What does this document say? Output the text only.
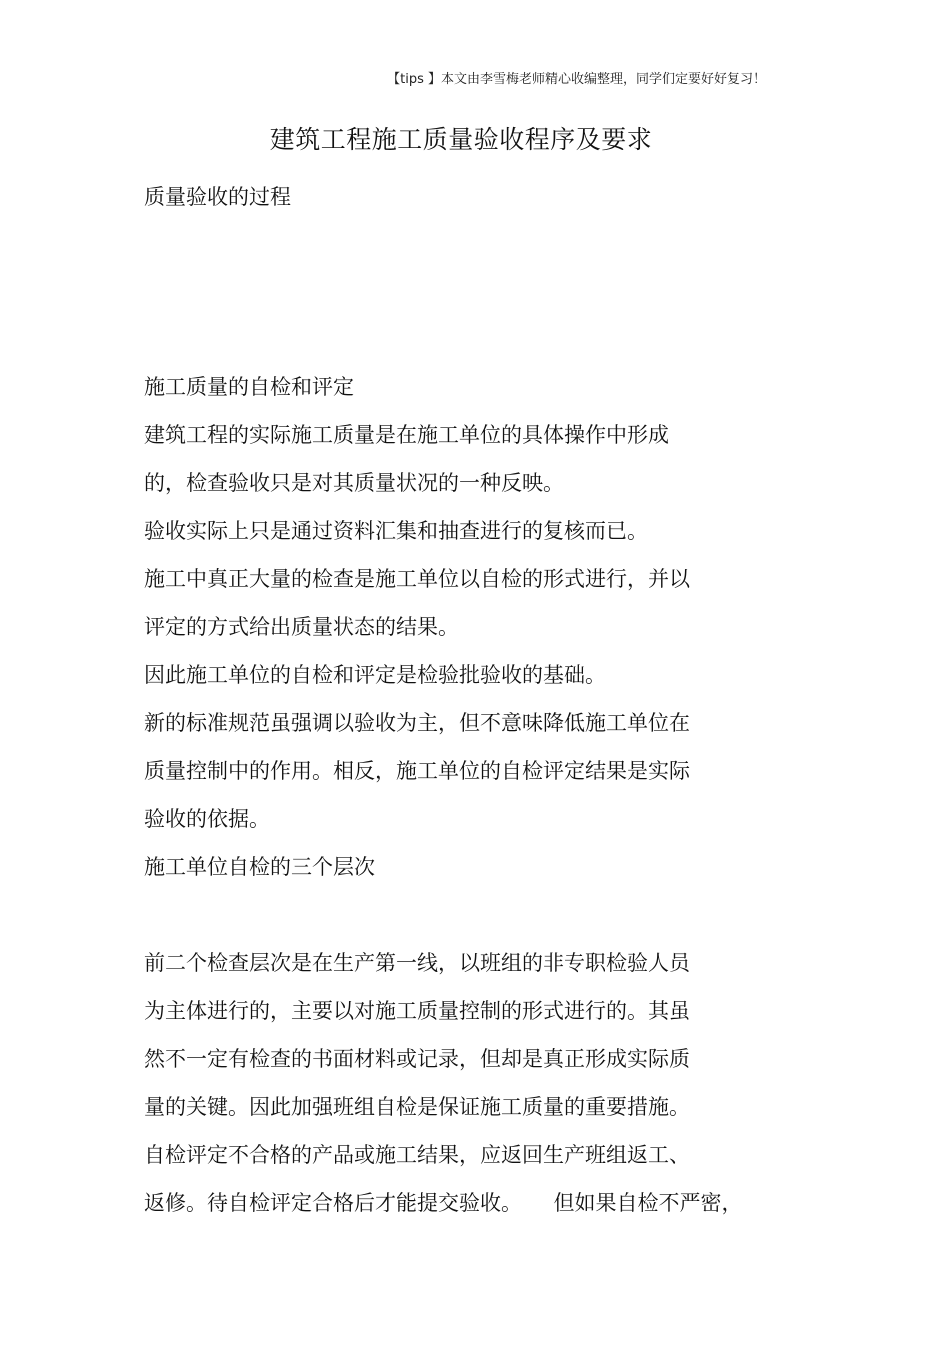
【tips 】本文由李雪梅老师精心收编整理，同学们定要好好复习！
建筑工程施工质量验收程序及要求

质量验收的过程

施工质量的自检和评定

建筑工程的实际施工质量是在施工单位的具体操作中形成

的，检查验收只是对其质量状况的一种反映。

验收实际上只是通过资料汇集和抽查进行的复核而已。

施工中真正大量的检查是施工单位以自检的形式进行，并以

评定的方式给出质量状态的结果。

因此施工单位的自检和评定是检验批验收的基础。

新的标准规范虽强调以验收为主，但不意味降低施工单位在

质量控制中的作用。相反，施工单位的自检评定结果是实际

验收的依据。

施工单位自检的三个层次

前二个检查层次是在生产第一线，以班组的非专职检验人员

为主体进行的，主要以对施工质量控制的形式进行的。其虽

然不一定有检查的书面材料或记录，但却是真正形成实际质

量的关键。因此加强班组自检是保证施工质量的重要措施。

自检评定不合格的产品或施工结果，应返回生产班组返工、

返修。待自检评定合格后才能提交验收。　　但如果自检不严密，
